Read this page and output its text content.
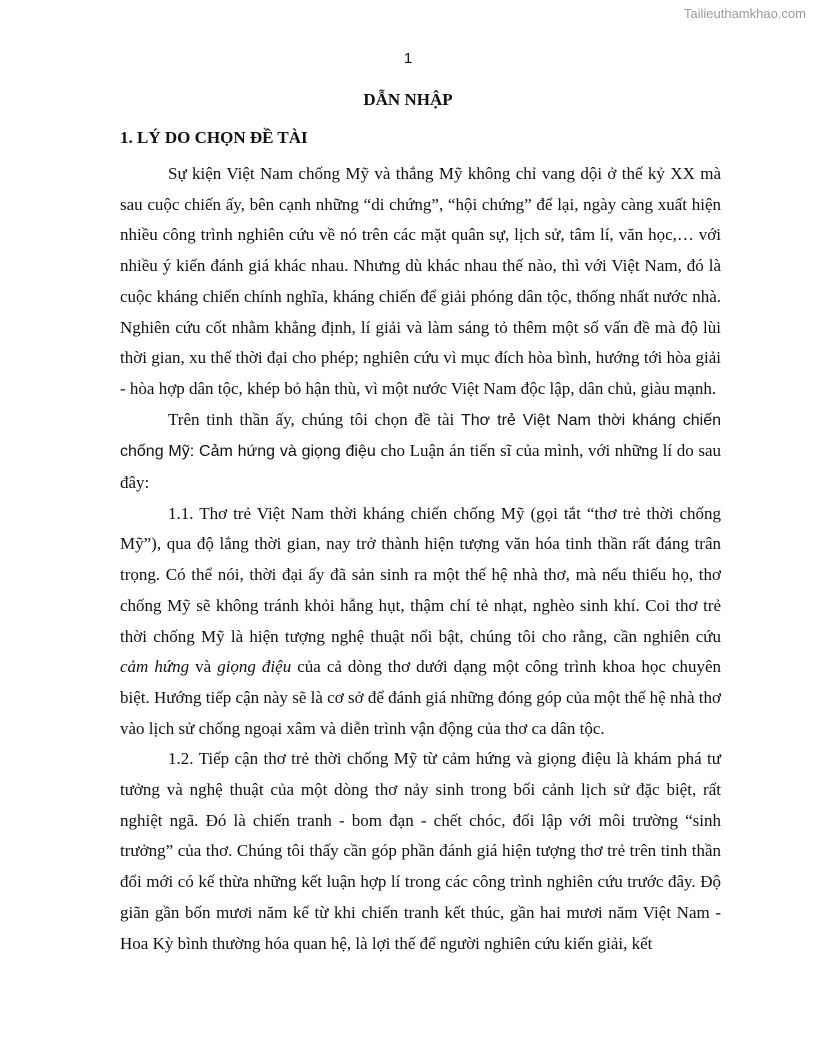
Tailieuthamkhao.com
1
DẪN NHẬP
1. LÝ DO CHỌN ĐỀ TÀI

Sự kiện Việt Nam chống Mỹ và thắng Mỹ không chỉ vang dội ở thế kỷ XX mà sau cuộc chiến ấy, bên cạnh những “di chứng”, “hội chứng” để lại, ngày càng xuất hiện nhiều công trình nghiên cứu về nó trên các mặt quân sự, lịch sử, tâm lí, văn học,… với nhiều ý kiến đánh giá khác nhau. Nhưng dù khác nhau thế nào, thì với Việt Nam, đó là cuộc kháng chiến chính nghĩa, kháng chiến để giải phóng dân tộc, thống nhất nước nhà. Nghiên cứu cốt nhằm khẳng định, lí giải và làm sáng tỏ thêm một số vấn đề mà độ lùi thời gian, xu thế thời đại cho phép; nghiên cứu vì mục đích hòa bình, hướng tới hòa giải - hòa hợp dân tộc, khép bỏ hận thù, vì một nước Việt Nam độc lập, dân chủ, giàu mạnh.

Trên tinh thần ấy, chúng tôi chọn đề tài Thơ trẻ Việt Nam thời kháng chiến chống Mỹ: Cảm hứng và giọng điệu cho Luận án tiến sĩ của mình, với những lí do sau đây:

1.1. Thơ trẻ Việt Nam thời kháng chiến chống Mỹ (gọi tắt “thơ trẻ thời chống Mỹ”), qua độ lắng thời gian, nay trở thành hiện tượng văn hóa tinh thần rất đáng trân trọng. Có thể nói, thời đại ấy đã sản sinh ra một thế hệ nhà thơ, mà nếu thiếu họ, thơ chống Mỹ sẽ không tránh khỏi hẫng hụt, thậm chí tẻ nhạt, nghèo sinh khí. Coi thơ trẻ thời chống Mỹ là hiện tượng nghệ thuật nổi bật, chúng tôi cho rằng, cần nghiên cứu cảm hứng và giọng điệu của cả dòng thơ dưới dạng một công trình khoa học chuyên biệt. Hướng tiếp cận này sẽ là cơ sở để đánh giá những đóng góp của một thế hệ nhà thơ vào lịch sử chống ngoại xâm và diễn trình vận động của thơ ca dân tộc.

1.2. Tiếp cận thơ trẻ thời chống Mỹ từ cảm hứng và giọng điệu là khám phá tư tưởng và nghệ thuật của một dòng thơ nảy sinh trong bối cảnh lịch sử đặc biệt, rất nghiệt ngã. Đó là chiến tranh - bom đạn - chết chóc, đối lập với môi trường “sinh trưởng” của thơ. Chúng tôi thấy cần góp phần đánh giá hiện tượng thơ trẻ trên tinh thần đổi mới có kế thừa những kết luận hợp lí trong các công trình nghiên cứu trước đây. Độ giãn gần bốn mươi năm kể từ khi chiến tranh kết thúc, gần hai mươi năm Việt Nam - Hoa Kỳ bình thường hóa quan hệ, là lợi thế để người nghiên cứu kiến giải, kết
